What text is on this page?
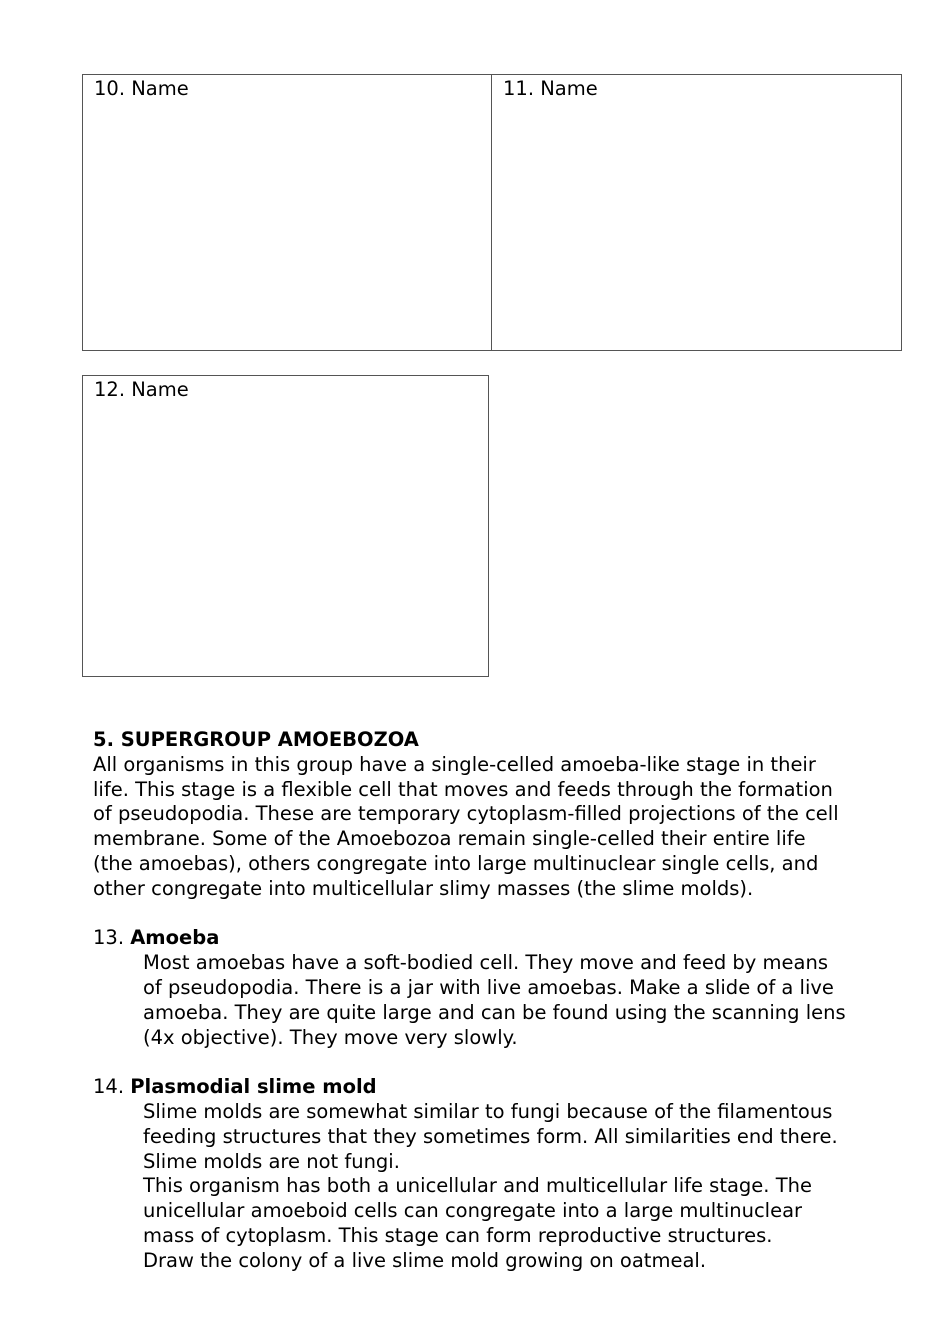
10. Name	11. Name
12. Name

5. SUPERGROUP AMOEBOZOA

All organisms in this group have a single-celled amoeba-like stage in their

life. This stage is a flexible cell that moves and feeds through the formation

of pseudopodia. These are temporary cytoplasm-filled projections of the cell

membrane. Some of the Amoebozoa remain single-celled their entire life

(the amoebas), others congregate into large multinuclear single cells, and

other congregate into multicellular slimy masses (the slime molds).

13. Amoeba

Most amoebas have a soft-bodied cell. They move and feed by means

of pseudopodia. There is a jar with live amoebas. Make a slide of a live

amoeba. They are quite large and can be found using the scanning lens

(4x objective). They move very slowly.

14. Plasmodial slime mold

Slime molds are somewhat similar to fungi because of the filamentous

feeding structures that they sometimes form. All similarities end there.

Slime molds are not fungi.

This organism has both a unicellular and multicellular life stage. The

unicellular amoeboid cells can congregate into a large multinuclear

mass of cytoplasm. This stage can form reproductive structures.

Draw the colony of a live slime mold growing on oatmeal.
